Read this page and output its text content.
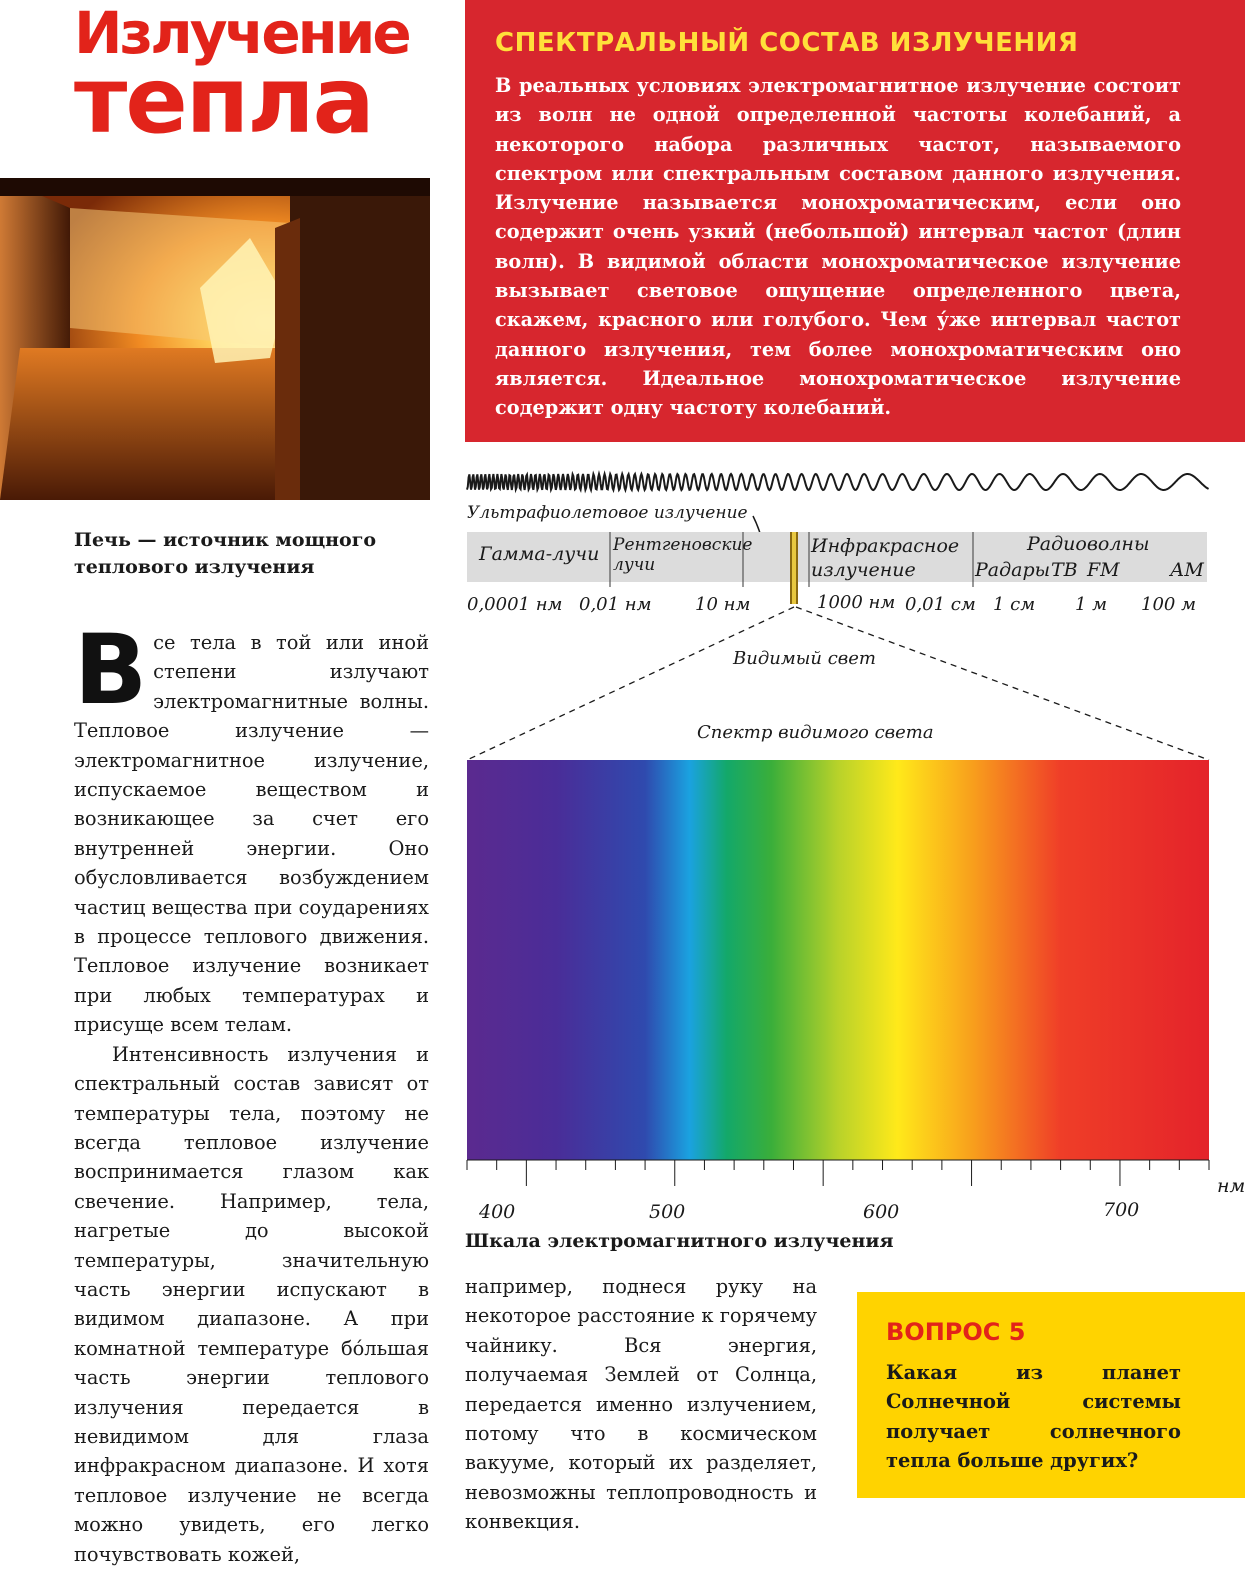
Излучение
тепла
Печь — источник мощного теплового излучения

Все тела в той или иной степени излучают электромагнитные волны. Тепловое излучение — электромагнитное излучение, испускаемое веществом и возникающее за счет его внутренней энергии. Оно обусловливается возбуждением частиц вещества при соударениях в процессе теплового движения. Тепловое излучение возникает при любых температурах и присуще всем телам.

Интенсивность излучения и спектральный состав зависят от температуры тела, поэтому не всегда тепловое излучение воспринимается глазом как свечение. Например, тела, нагретые до высокой температуры, значительную часть энергии испускают в видимом диапазоне. А при комнатной температуре бо́льшая часть энергии теплового излучения передается в невидимом для глаза инфракрасном диапазоне. И хотя тепловое излучение не всегда можно увидеть, его легко почувствовать кожей,

СПЕКТРАЛЬНЫЙ СОСТАВ ИЗЛУЧЕНИЯ
В реальных условиях электромагнитное излучение состоит из волн не одной определенной частоты колебаний, а некоторого набора различных частот, называемого спектром или спектральным составом данного излучения. Излучение называется монохроматическим, если оно содержит очень узкий (небольшой) интервал частот (длин волн). В видимой области монохроматическое излучение вызывает световое ощущение определенного цвета, скажем, красного или голубого. Чем у́же интервал частот данного излучения, тем более монохроматическим оно является. Идеальное монохроматическое излучение содержит одну частоту колебаний.
Ультрафиолетовое излучение
Гамма-лучи Рентгеновские
лучи
Инфракрасное
излучение
Радиоволны
Радары ТВ FM	АМ
0,0001 нм 0,01 нм 10 нм	1000 нм 0,01 см 1 см 1 м 100 м
Видимый свет
Спектр видимого света
400	500	600	700
нм
Шкала электромагнитного излучения

например, поднеся руку на некоторое расстояние к горячему чайнику. Вся энергия, получаемая Землей от Солнца, передается именно излучением, потому что в космическом вакууме, который их разделяет, невозможны теплопроводность и конвекция.

ВОПРОС 5
Какая из планет Солнечной системы получает солнечного тепла больше других?
